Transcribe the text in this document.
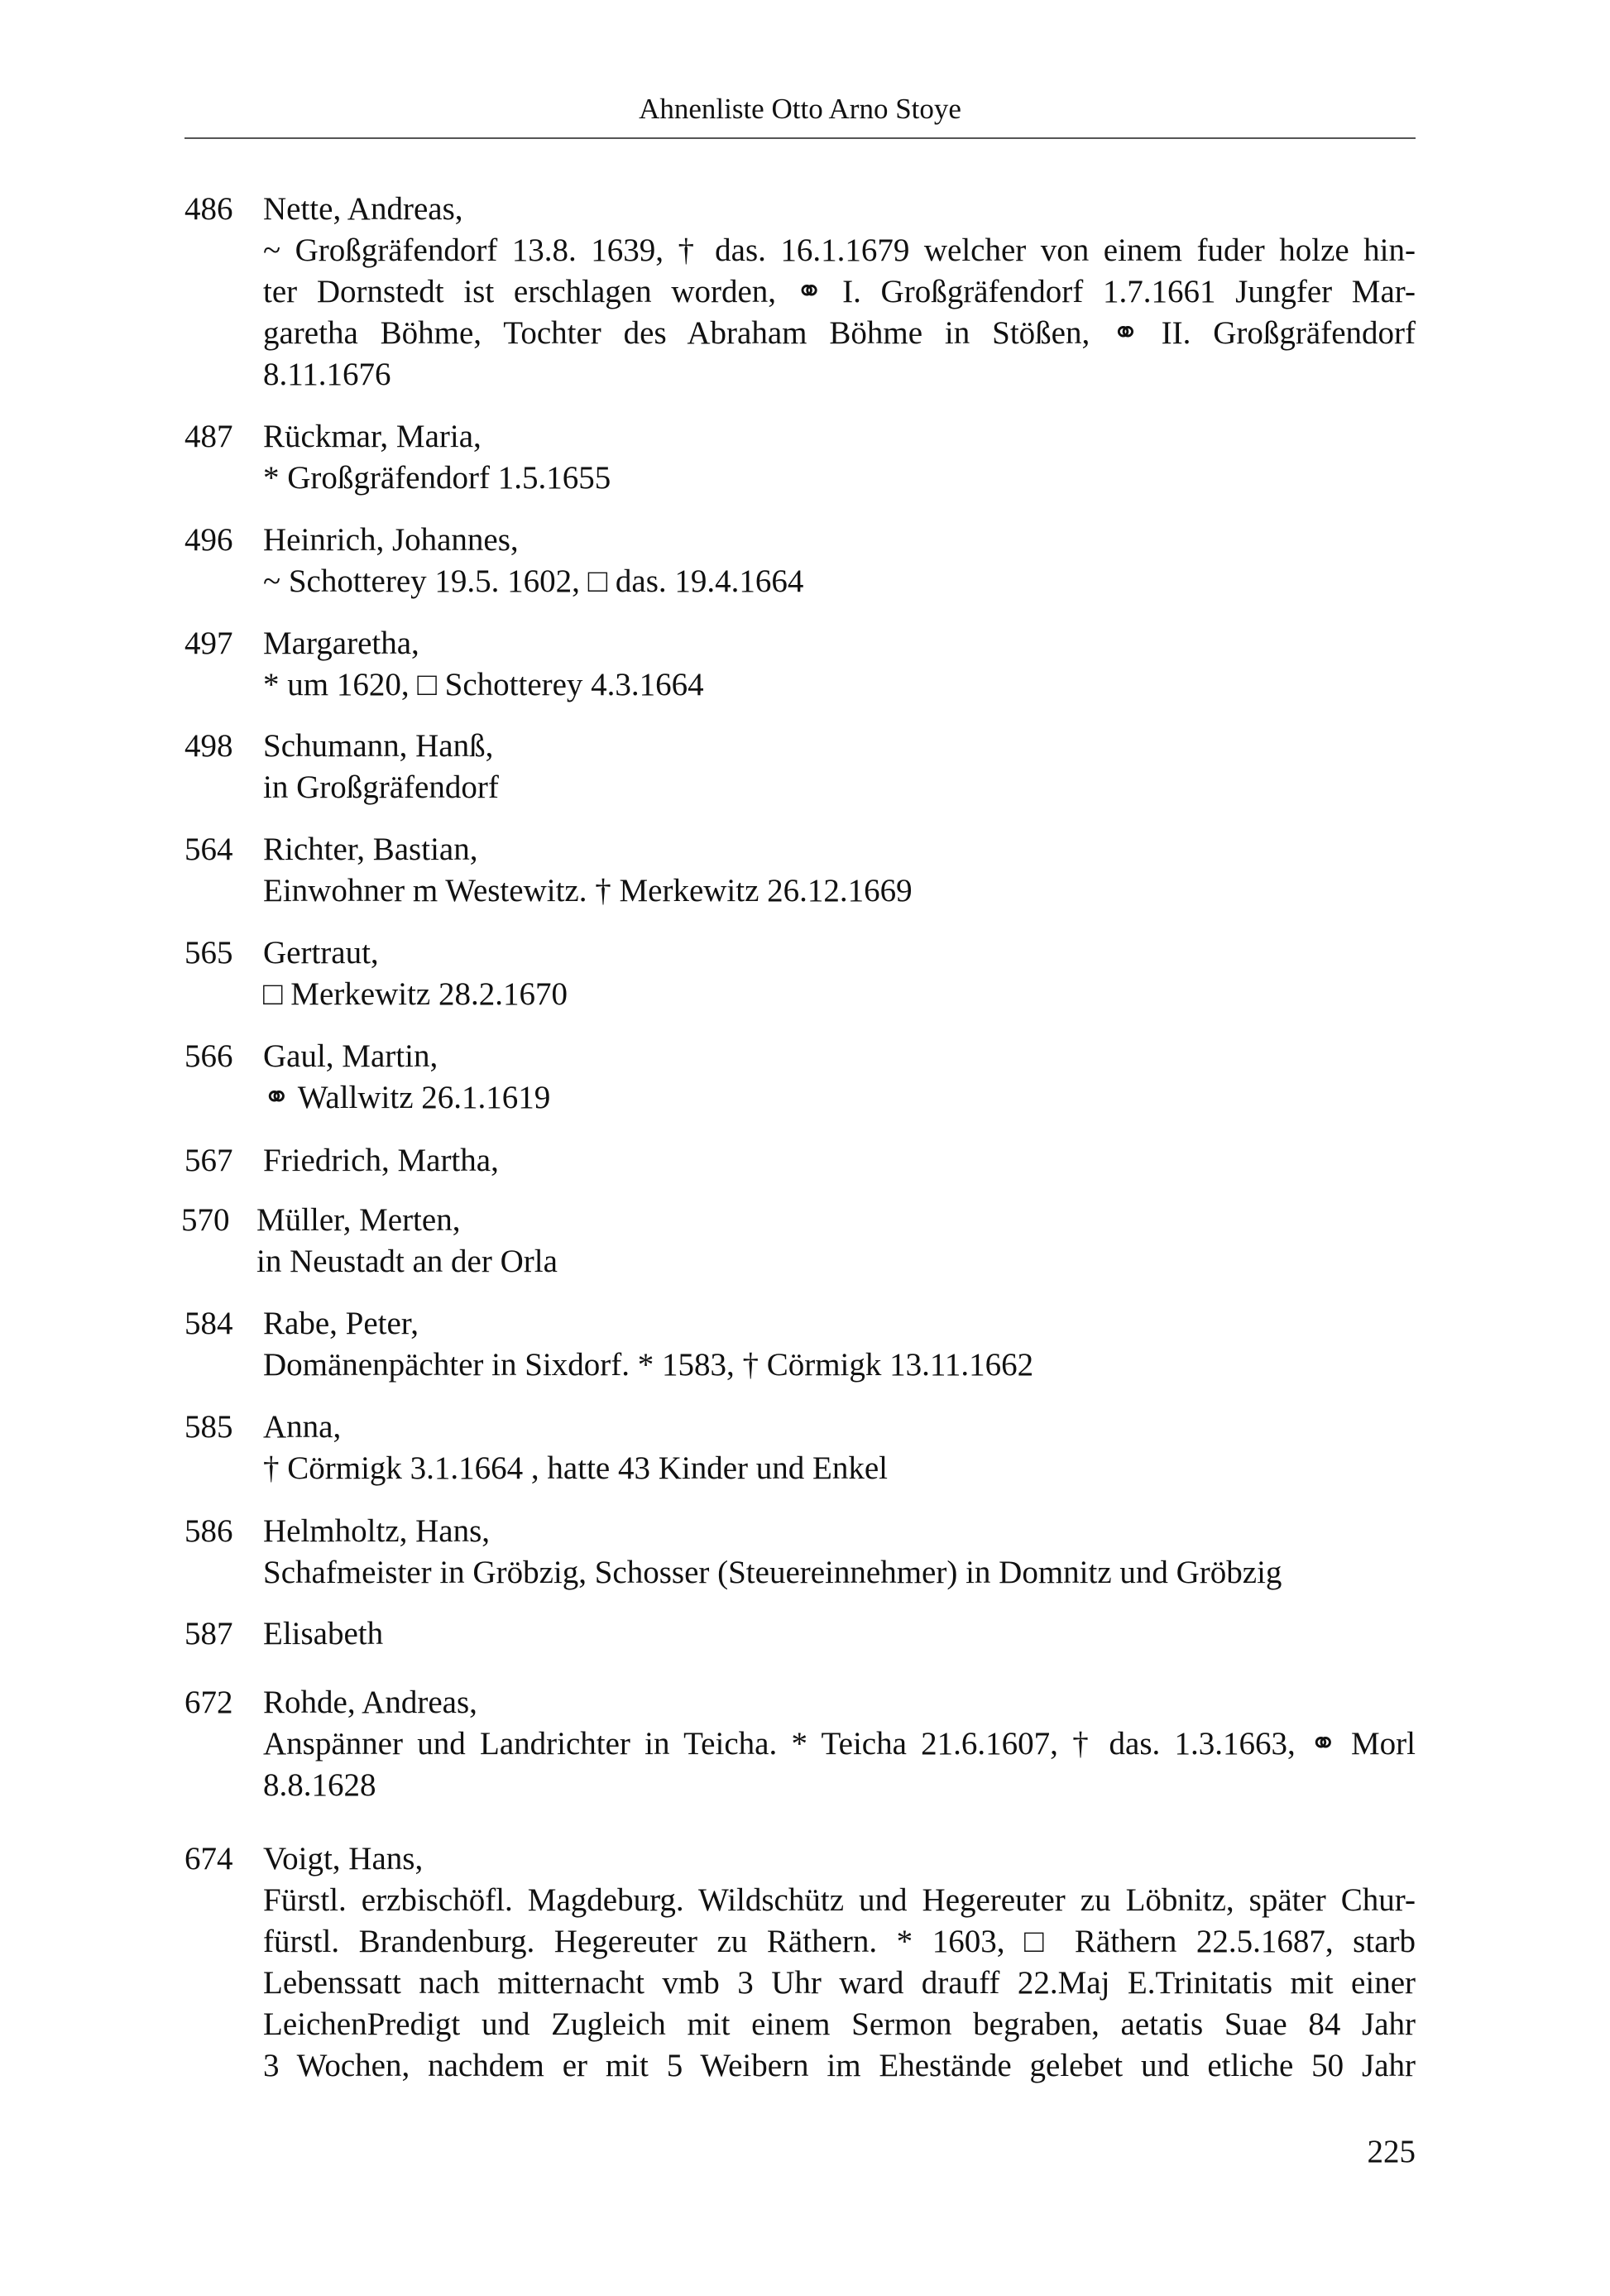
Ahnenliste Otto Arno Stoye
486 Nette, Andreas,
~ Großgräfendorf 13.8. 1639, † das. 16.1.1679 welcher von einem fuder holze hin-
ter Dornstedt ist erschlagen worden, ⚭ I. Großgräfendorf 1.7.1661 Jungfer Mar-
garetha Böhme, Tochter des Abraham Böhme in Stößen, ⚭ II. Großgräfendorf
8.11.1676
487 Rückmar, Maria,
* Großgräfendorf 1.5.1655
496 Heinrich, Johannes,
~ Schotterey 19.5. 1602, □ das. 19.4.1664
497 Margaretha,
* um 1620, □ Schotterey 4.3.1664
498 Schumann, Hanß,
in Großgräfendorf
564 Richter, Bastian,
Einwohner m Westewitz. † Merkewitz 26.12.1669
565 Gertraut,
□ Merkewitz 28.2.1670
566 Gaul, Martin,
⚭ Wallwitz 26.1.1619
567 Friedrich, Martha,
570 Müller, Merten,
in Neustadt an der Orla
584 Rabe, Peter,
Domänenpächter in Sixdorf. * 1583, † Cörmigk 13.11.1662
585 Anna,
† Cörmigk 3.1.1664 , hatte 43 Kinder und Enkel
586 Helmholtz, Hans,
Schafmeister in Gröbzig, Schosser (Steuereinnehmer) in Domnitz und Gröbzig
587 Elisabeth
672 Rohde, Andreas,
Anspänner und Landrichter in Teicha. * Teicha 21.6.1607, † das. 1.3.1663, ⚭ Morl
8.8.1628
674 Voigt, Hans,
Fürstl. erzbischöfl. Magdeburg. Wildschütz und Hegereuter zu Löbnitz, später Chur-
fürstl. Brandenburg. Hegereuter zu Räthern. * 1603, □ Räthern 22.5.1687, starb
Lebenssatt nach mitternacht vmb 3 Uhr ward drauff 22.Maj E.Trinitatis mit einer
LeichenPredigt und Zugleich mit einem Sermon begraben, aetatis Suae 84 Jahr
3 Wochen, nachdem er mit 5 Weibern im Ehestände gelebet und etliche 50 Jahr
225
